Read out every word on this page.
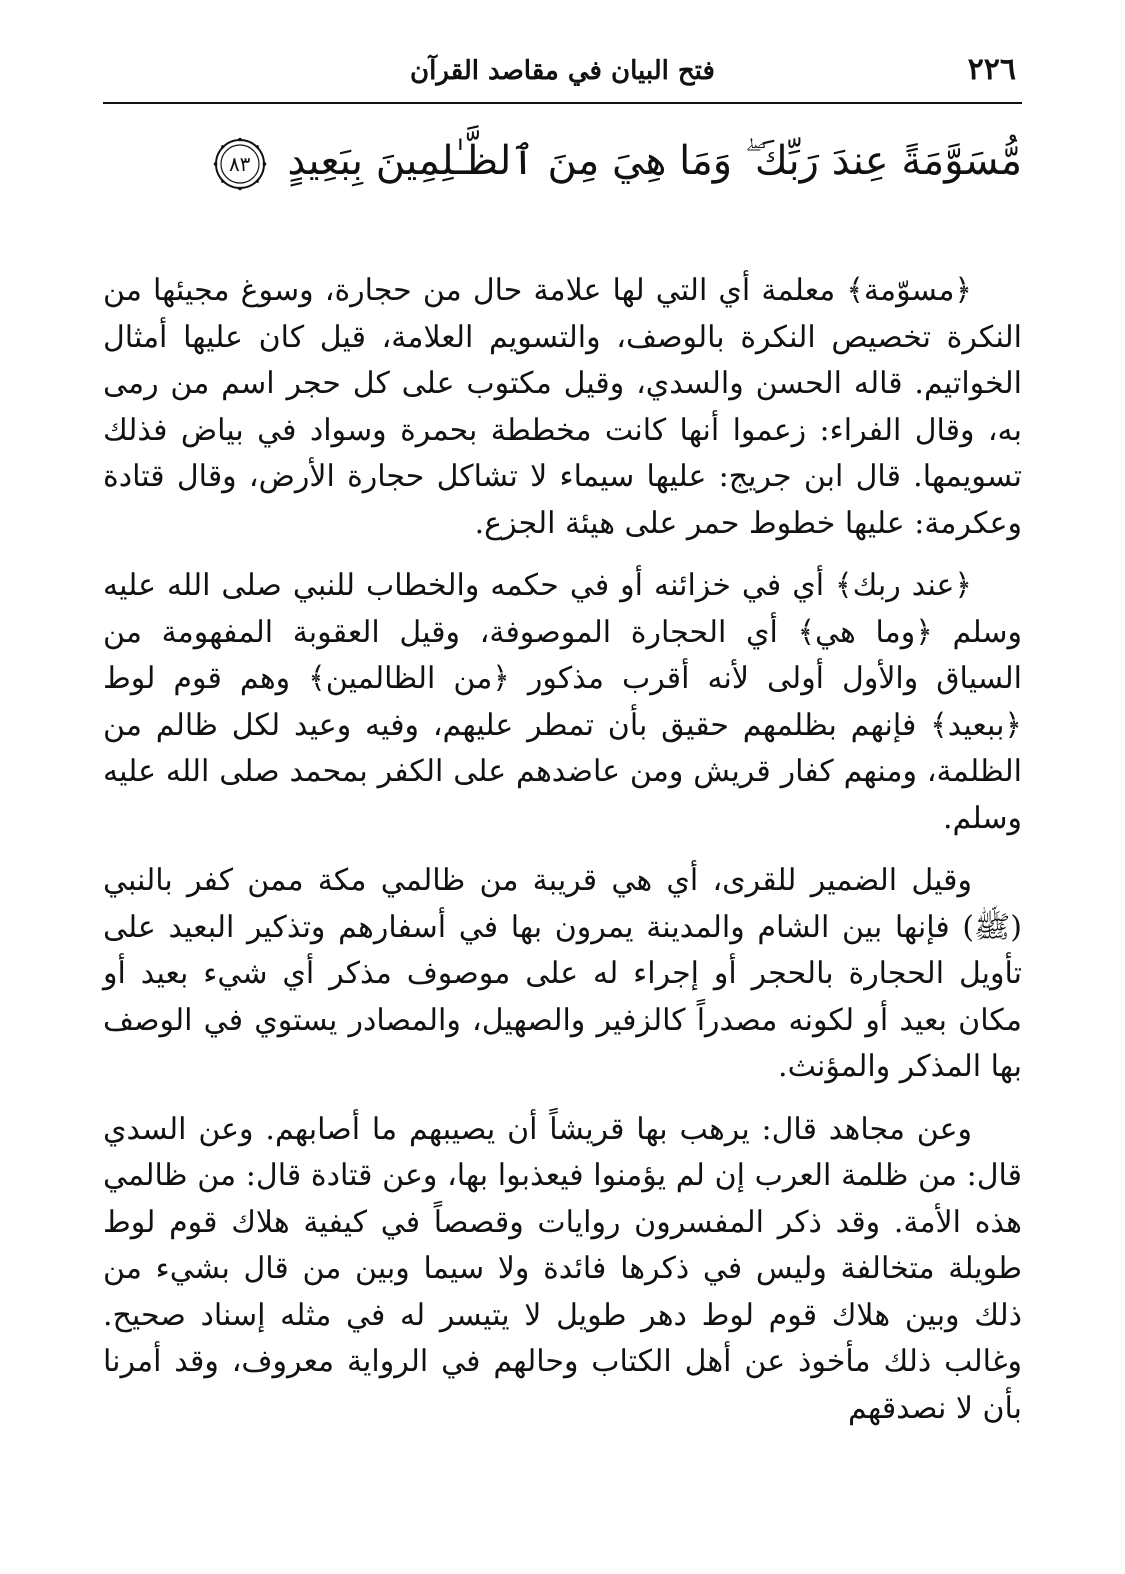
٢٢٦
فتح البيان في مقاصد القرآن
مُّسَوَّمَةً عِندَ رَبِّكَ ۖ وَمَا هِيَ مِنَ ٱلظَّـٰلِمِينَ بِبَعِيدٍ
٨٣

﴿مسوّمة﴾ معلمة أي التي لها علامة حال من حجارة، وسوغ مجيئها من النكرة تخصيص النكرة بالوصف، والتسويم العلامة، قيل كان عليها أمثال الخواتيم. قاله الحسن والسدي، وقيل مكتوب على كل حجر اسم من رمى به، وقال الفراء: زعموا أنها كانت مخططة بحمرة وسواد في بياض فذلك تسويمها. قال ابن جريج: عليها سيماء لا تشاكل حجارة الأرض، وقال قتادة وعكرمة: عليها خطوط حمر على هيئة الجزع.

﴿عند ربك﴾ أي في خزائنه أو في حكمه والخطاب للنبي صلى الله عليه وسلم ﴿وما هي﴾ أي الحجارة الموصوفة، وقيل العقوبة المفهومة من السياق والأول أولى لأنه أقرب مذكور ﴿من الظالمين﴾ وهم قوم لوط ﴿ببعيد﴾ فإنهم بظلمهم حقيق بأن تمطر عليهم، وفيه وعيد لكل ظالم من الظلمة، ومنهم كفار قريش ومن عاضدهم على الكفر بمحمد صلى الله عليه وسلم.

وقيل الضمير للقرى، أي هي قريبة من ظالمي مكة ممن كفر بالنبي (ﷺ) فإنها بين الشام والمدينة يمرون بها في أسفارهم وتذكير البعيد على تأويل الحجارة بالحجر أو إجراء له على موصوف مذكر أي شيء بعيد أو مكان بعيد أو لكونه مصدراً كالزفير والصهيل، والمصادر يستوي في الوصف بها المذكر والمؤنث.

وعن مجاهد قال: يرهب بها قريشاً أن يصيبهم ما أصابهم. وعن السدي قال: من ظلمة العرب إن لم يؤمنوا فيعذبوا بها، وعن قتادة قال: من ظالمي هذه الأمة. وقد ذكر المفسرون روايات وقصصاً في كيفية هلاك قوم لوط طويلة متخالفة وليس في ذكرها فائدة ولا سيما وبين من قال بشيء من ذلك وبين هلاك قوم لوط دهر طويل لا يتيسر له في مثله إسناد صحيح. وغالب ذلك مأخوذ عن أهل الكتاب وحالهم في الرواية معروف، وقد أمرنا بأن لا نصدقهم
